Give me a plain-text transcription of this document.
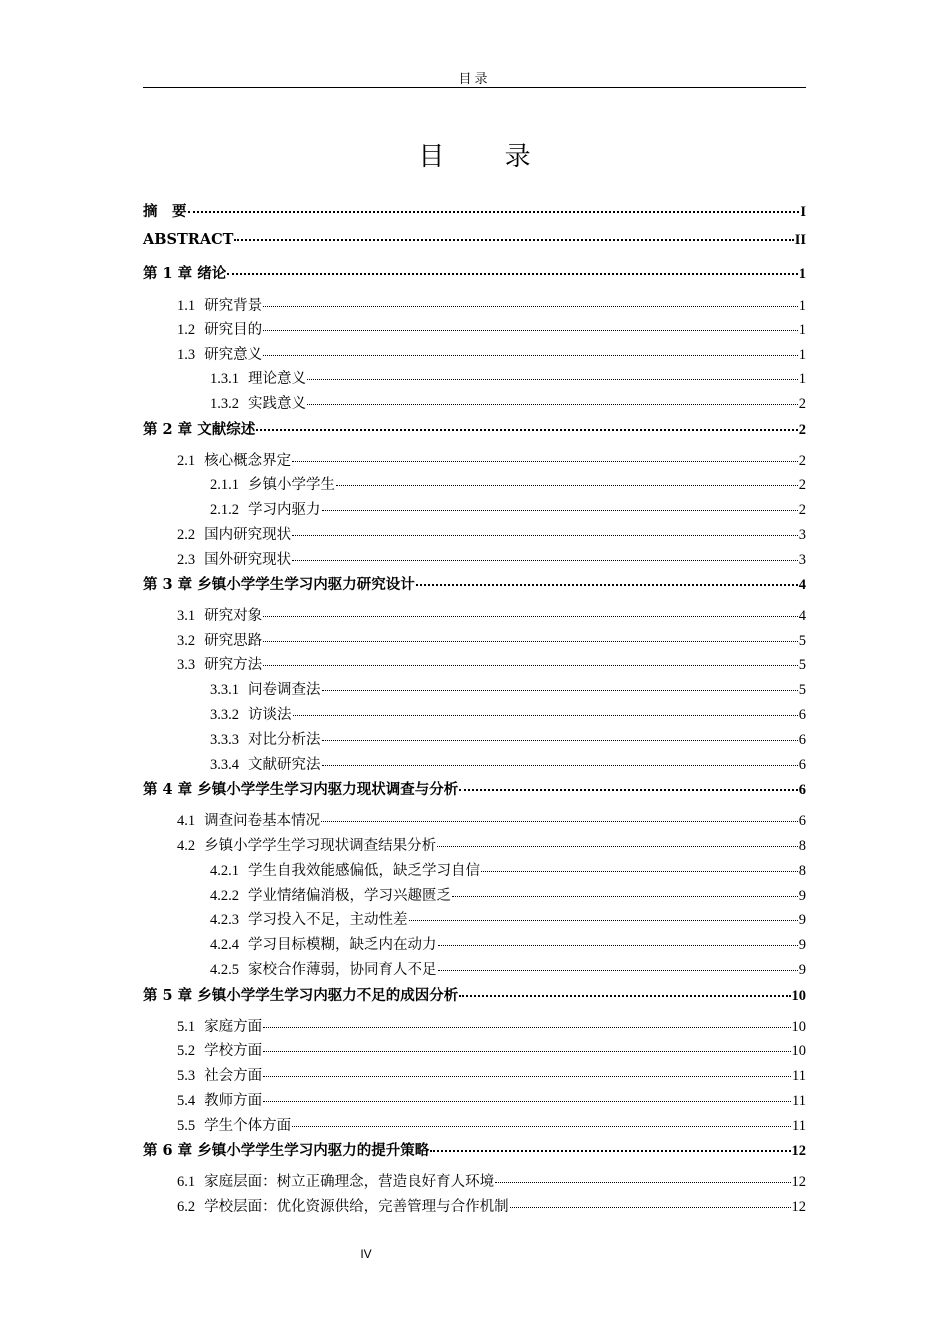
目录
目 录
摘　要	I
ABSTRACT	II
第 1 章 绪论	1
1.1 研究背景	1
1.2 研究目的	1
1.3 研究意义	1
1.3.1 理论意义	1
1.3.2 实践意义	2
第 2 章 文献综述	2
2.1 核心概念界定	2
2.1.1 乡镇小学学生	2
2.1.2 学习内驱力	2
2.2 国内研究现状	3
2.3 国外研究现状	3
第 3 章 乡镇小学学生学习内驱力研究设计	4
3.1 研究对象	4
3.2 研究思路	5
3.3 研究方法	5
3.3.1 问卷调查法	5
3.3.2 访谈法	6
3.3.3 对比分析法	6
3.3.4 文献研究法	6
第 4 章 乡镇小学学生学习内驱力现状调查与分析	6
4.1 调查问卷基本情况	6
4.2 乡镇小学学生学习现状调查结果分析	8
4.2.1 学生自我效能感偏低，缺乏学习自信	8
4.2.2 学业情绪偏消极，学习兴趣匮乏	9
4.2.3 学习投入不足，主动性差	9
4.2.4 学习目标模糊，缺乏内在动力	9
4.2.5 家校合作薄弱，协同育人不足	9
第 5 章 乡镇小学学生学习内驱力不足的成因分析	10
5.1 家庭方面	10
5.2 学校方面	10
5.3 社会方面	11
5.4 教师方面	11
5.5 学生个体方面	11
第 6 章 乡镇小学学生学习内驱力的提升策略	12
6.1 家庭层面：树立正确理念，营造良好育人环境	12
6.2 学校层面：优化资源供给，完善管理与合作机制	12
IV
